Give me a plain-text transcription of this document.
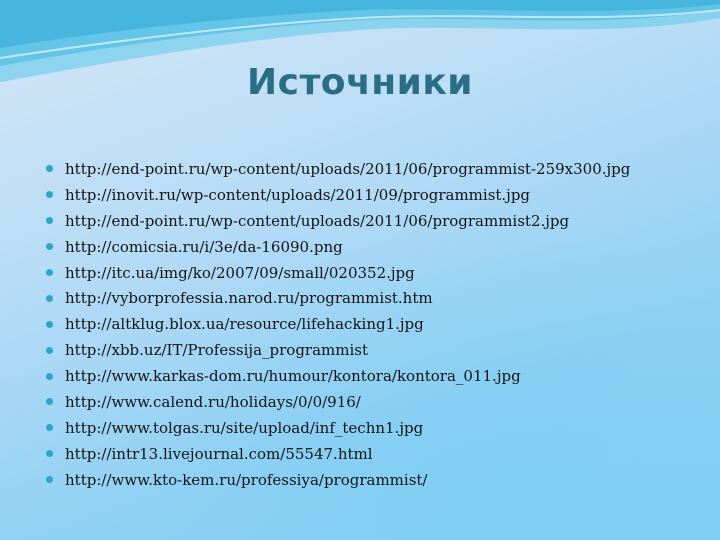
Источники
http://end-point.ru/wp-content/uploads/2011/06/programmist-259x300.jpg
http://inovit.ru/wp-content/uploads/2011/09/programmist.jpg
http://end-point.ru/wp-content/uploads/2011/06/programmist2.jpg
http://comicsia.ru/i/3e/da-16090.png
http://itc.ua/img/ko/2007/09/small/020352.jpg
http://vyborprofessia.narod.ru/programmist.htm
http://altklug.blox.ua/resource/lifehacking1.jpg
http://xbb.uz/IT/Professija_programmist
http://www.karkas-dom.ru/humour/kontora/kontora_011.jpg
http://www.calend.ru/holidays/0/0/916/
http://www.tolgas.ru/site/upload/inf_techn1.jpg
http://intr13.livejournal.com/55547.html
http://www.kto-kem.ru/professiya/programmist/
